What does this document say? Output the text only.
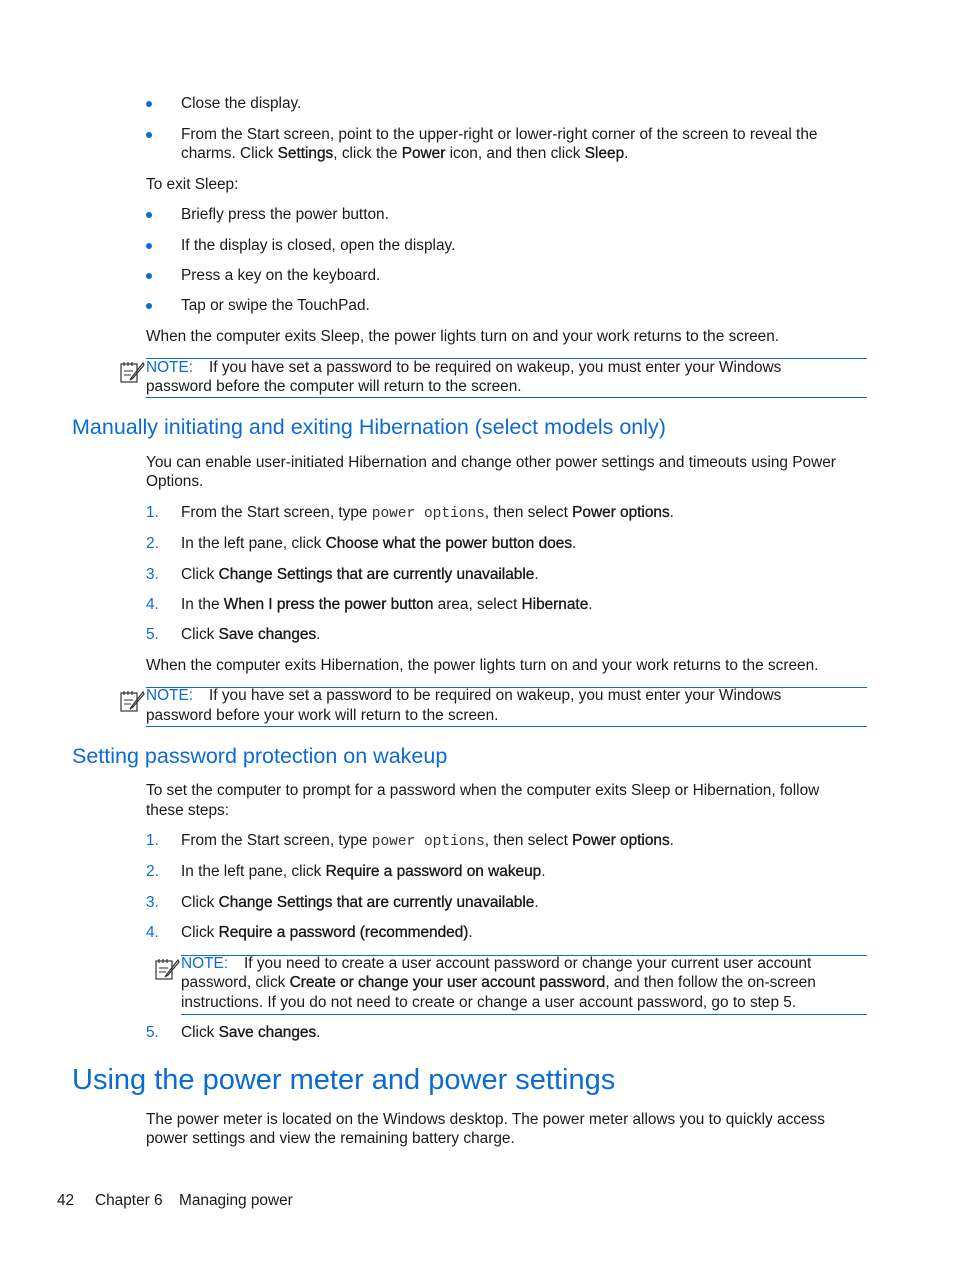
Close the display.
From the Start screen, point to the upper-right or lower-right corner of the screen to reveal the
charms. Click Settings, click the Power icon, and then click Sleep.
To exit Sleep:
Briefly press the power button.
If the display is closed, open the display.
Press a key on the keyboard.
Tap or swipe the TouchPad.
When the computer exits Sleep, the power lights turn on and your work returns to the screen.
NOTE: If you have set a password to be required on wakeup, you must enter your Windows
password before the computer will return to the screen.
Manually initiating and exiting Hibernation (select models only)
You can enable user-initiated Hibernation and change other power settings and timeouts using Power
Options.
1. From the Start screen, type power options, then select Power options.
2. In the left pane, click Choose what the power button does.
3. Click Change Settings that are currently unavailable.
4. In the When I press the power button area, select Hibernate.
5. Click Save changes.
When the computer exits Hibernation, the power lights turn on and your work returns to the screen.
NOTE: If you have set a password to be required on wakeup, you must enter your Windows
password before your work will return to the screen.
Setting password protection on wakeup
To set the computer to prompt for a password when the computer exits Sleep or Hibernation, follow
these steps:
1. From the Start screen, type power options, then select Power options.
2. In the left pane, click Require a password on wakeup.
3. Click Change Settings that are currently unavailable.
4. Click Require a password (recommended).
NOTE: If you need to create a user account password or change your current user account
password, click Create or change your user account password, and then follow the on-screen
instructions. If you do not need to create or change a user account password, go to step 5.
5. Click Save changes.
Using the power meter and power settings
The power meter is located on the Windows desktop. The power meter allows you to quickly access
power settings and view the remaining battery charge.
42 Chapter 6 Managing power
